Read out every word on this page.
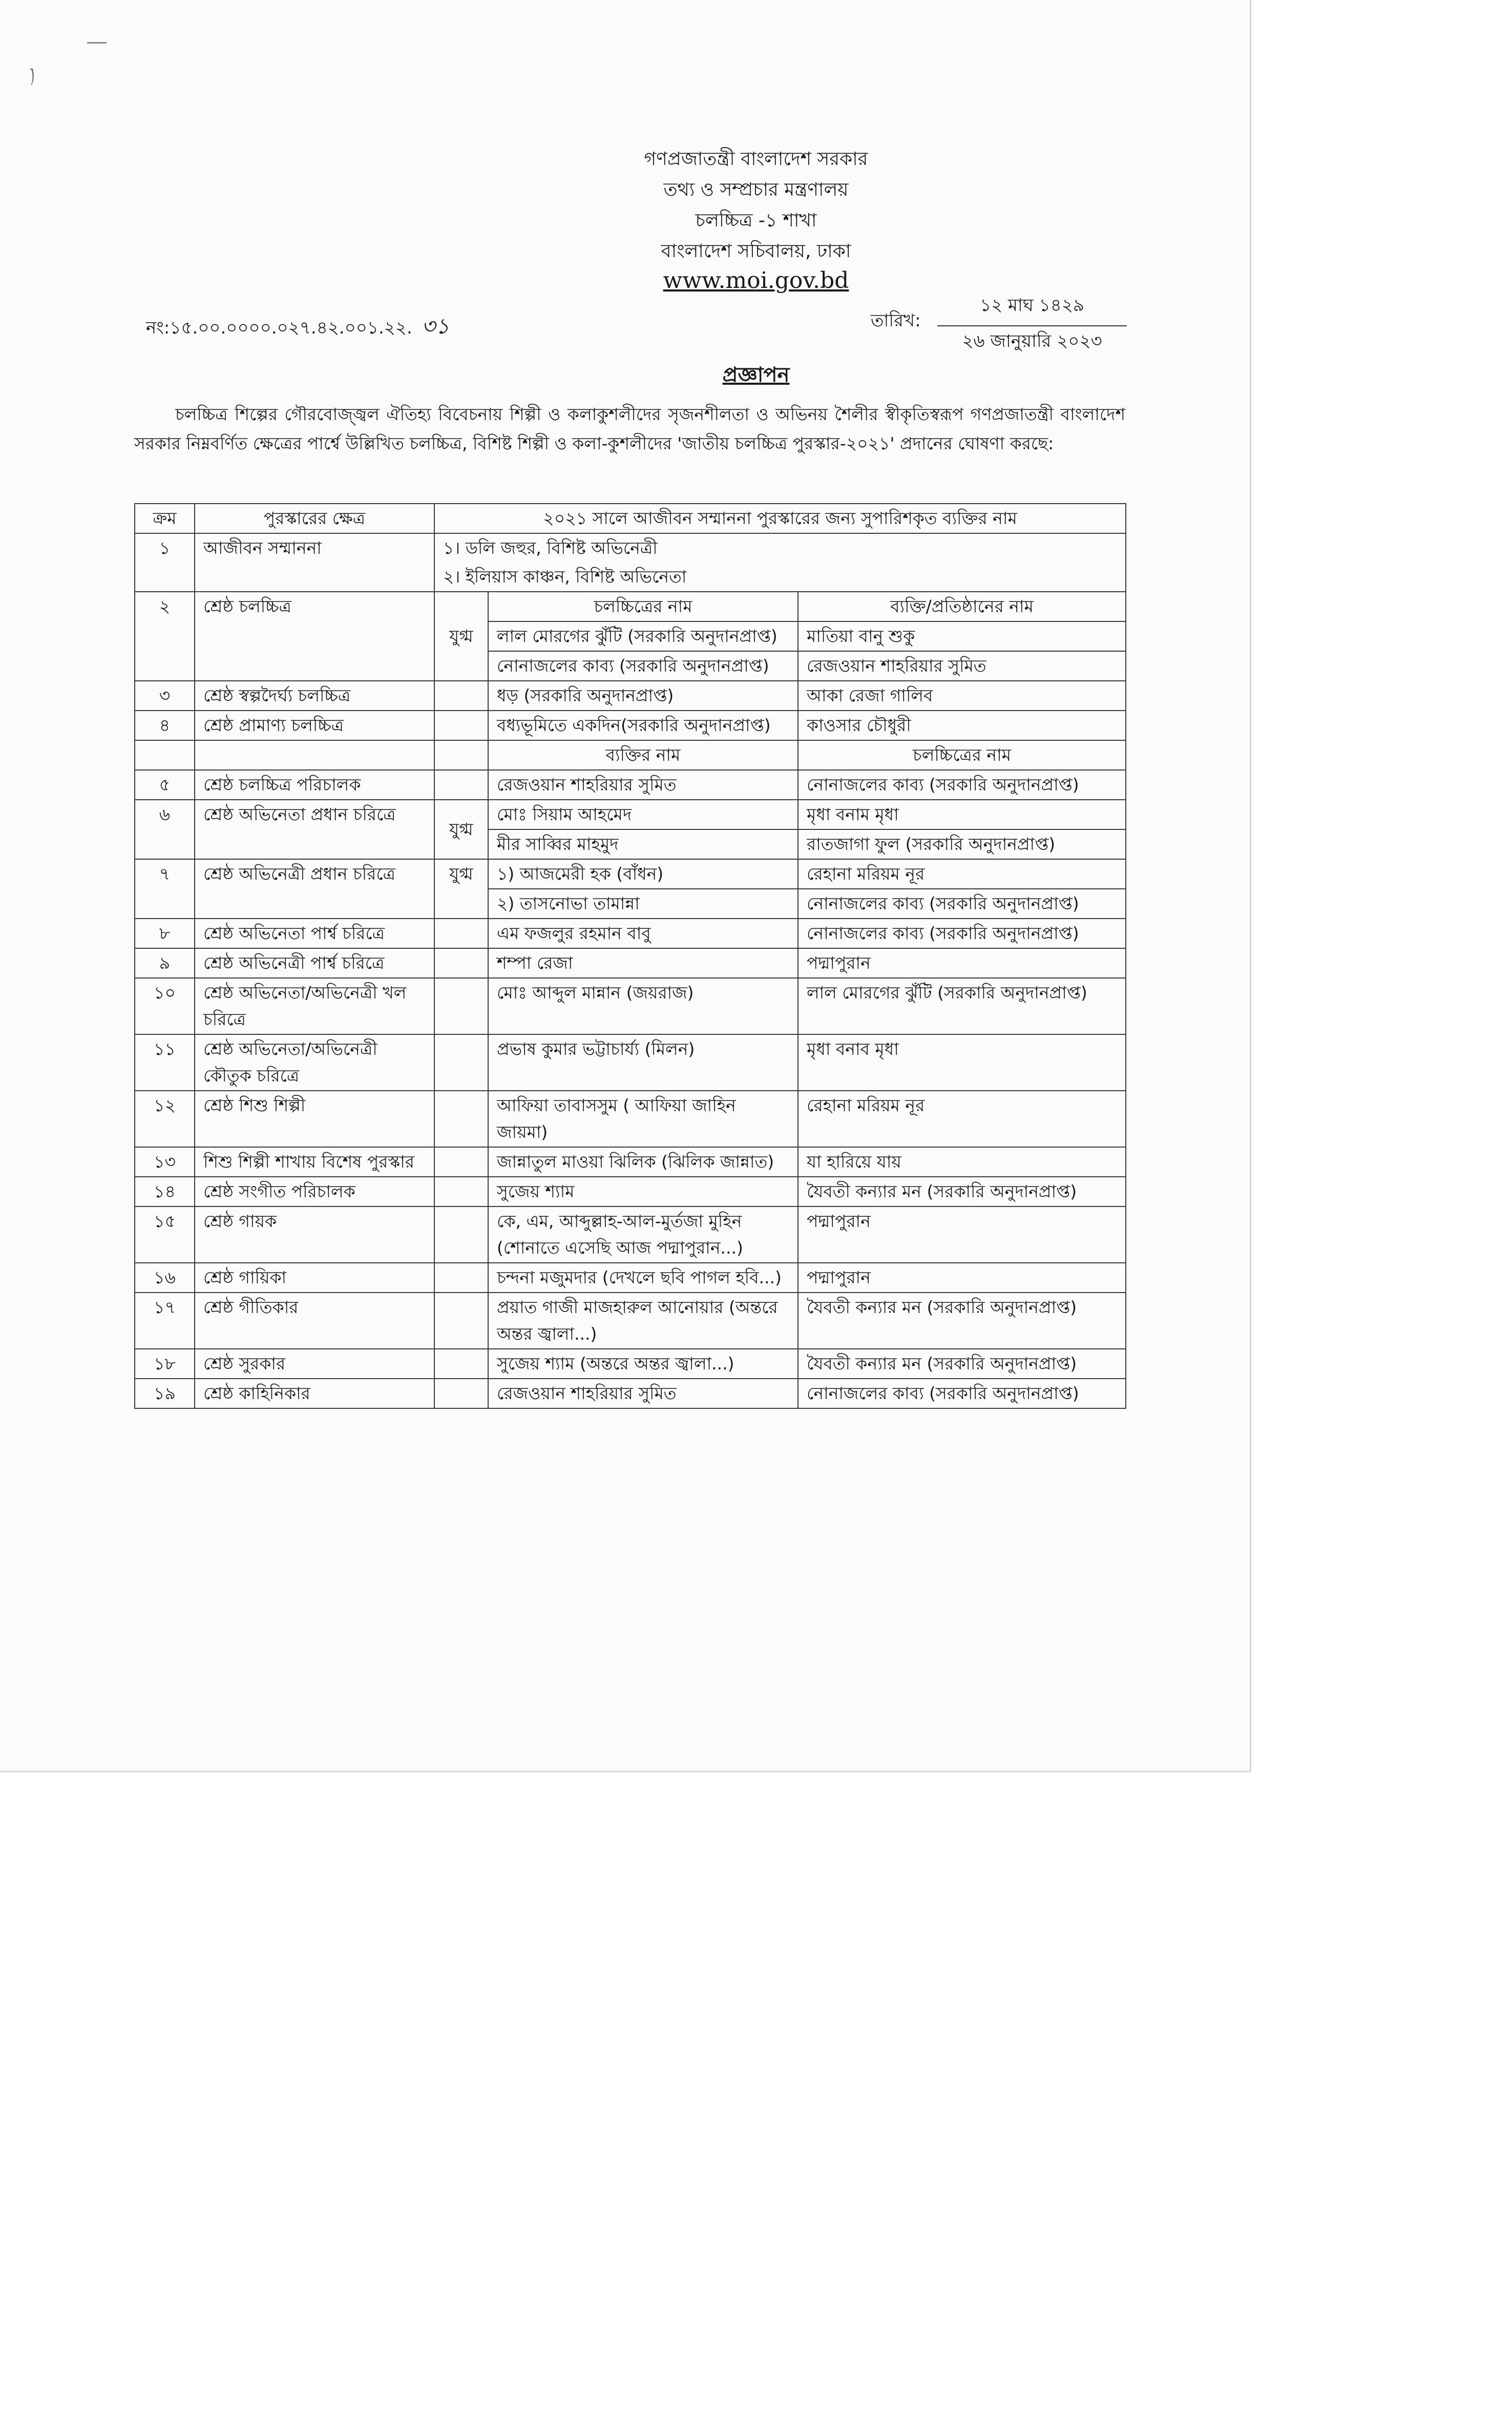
ﾉ
গণপ্রজাতন্ত্রী বাংলাদেশ সরকার
তথ্য ও সম্প্রচার মন্ত্রণালয়
চলচ্চিত্র -১ শাখা
বাংলাদেশ সচিবালয়, ঢাকা
www.moi.gov.bd
নং:১৫.০০.০০০০.০২৭.৪২.০০১.২২. ৩১	তারিখ:
১২ মাঘ ১৪২৯
২৬ জানুয়ারি ২০২৩
প্রজ্ঞাপন
চলচ্চিত্র শিল্পের গৌরবোজ্জ্বল ঐতিহ্য বিবেচনায় শিল্পী ও কলাকুশলীদের সৃজনশীলতা ও অভিনয় শৈলীর স্বীকৃতিস্বরূপ গণপ্রজাতন্ত্রী বাংলাদেশ সরকার নিম্নবর্ণিত ক্ষেত্রের পার্শ্বে উল্লিখিত চলচ্চিত্র, বিশিষ্ট শিল্পী ও কলা-কুশলীদের 'জাতীয় চলচ্চিত্র পুরস্কার-২০২১' প্রদানের ঘোষণা করছে:
ক্রম	পুরস্কারের ক্ষেত্র	২০২১ সালে আজীবন সম্মাননা পুরস্কারের জন্য সুপারিশকৃত ব্যক্তির নাম		
১	আজীবন সম্মাননা	১। ডলি জহুর, বিশিষ্ট অভিনেত্রী		
		২। ইলিয়াস কাঞ্চন, বিশিষ্ট অভিনেতা		
২	শ্রেষ্ঠ চলচ্চিত্র	যুগ্ম	চলচ্চিত্রের নাম	ব্যক্তি/প্রতিষ্ঠানের নাম
			লাল মোরগের ঝুঁটি (সরকারি অনুদানপ্রাপ্ত)	মাতিয়া বানু শুকু
			নোনাজলের কাব্য (সরকারি অনুদানপ্রাপ্ত)	রেজওয়ান শাহরিয়ার সুমিত
৩	শ্রেষ্ঠ স্বল্পদৈর্ঘ্য চলচ্চিত্র		ধড় (সরকারি অনুদানপ্রাপ্ত)	আকা রেজা গালিব
৪	শ্রেষ্ঠ প্রামাণ্য চলচ্চিত্র		বধ্যভূমিতে একদিন(সরকারি অনুদানপ্রাপ্ত)	কাওসার চৌধুরী
			ব্যক্তির নাম	চলচ্চিত্রের নাম
৫	শ্রেষ্ঠ চলচ্চিত্র পরিচালক		রেজওয়ান শাহরিয়ার সুমিত	নোনাজলের কাব্য (সরকারি অনুদানপ্রাপ্ত)
৬	শ্রেষ্ঠ অভিনেতা প্রধান চরিত্রে	যুগ্ম	মোঃ সিয়াম আহমেদ	মৃধা বনাম মৃধা
			মীর সাব্বির মাহমুদ	রাতজাগা ফুল (সরকারি অনুদানপ্রাপ্ত)
৭	শ্রেষ্ঠ অভিনেত্রী প্রধান চরিত্রে	যুগ্ম	১) আজমেরী হক (বাঁধন)	রেহানা মরিয়ম নূর
			২) তাসনোভা তামান্না	নোনাজলের কাব্য (সরকারি অনুদানপ্রাপ্ত)
৮	শ্রেষ্ঠ অভিনেতা পার্শ্ব চরিত্রে		এম ফজলুর রহমান বাবু	নোনাজলের কাব্য (সরকারি অনুদানপ্রাপ্ত)
৯	শ্রেষ্ঠ অভিনেত্রী পার্শ্ব চরিত্রে		শম্পা রেজা	পদ্মাপুরান
১০	শ্রেষ্ঠ অভিনেতা/অভিনেত্রী খল চরিত্রে		মোঃ আব্দুল মান্নান (জয়রাজ)	লাল মোরগের ঝুঁটি (সরকারি অনুদানপ্রাপ্ত)
১১	শ্রেষ্ঠ অভিনেতা/অভিনেত্রী কৌতুক চরিত্রে		প্রভাষ কুমার ভট্টাচার্য্য (মিলন)	মৃধা বনাব মৃধা
১২	শ্রেষ্ঠ শিশু শিল্পী		আফিয়া তাবাসসুম ( আফিয়া জাহিন জায়মা)	রেহানা মরিয়ম নূর
১৩	শিশু শিল্পী শাখায় বিশেষ পুরস্কার		জান্নাতুল মাওয়া ঝিলিক (ঝিলিক জান্নাত)	যা হারিয়ে যায়
১৪	শ্রেষ্ঠ সংগীত পরিচালক		সুজেয় শ্যাম	যৈবতী কন্যার মন (সরকারি অনুদানপ্রাপ্ত)
১৫	শ্রেষ্ঠ গায়ক		কে, এম, আব্দুল্লাহ-আল-মুর্তজা মুহিন (শোনাতে এসেছি আজ পদ্মাপুরান...)	পদ্মাপুরান
১৬	শ্রেষ্ঠ গায়িকা		চন্দনা মজুমদার (দেখলে ছবি পাগল হবি...)	পদ্মাপুরান
১৭	শ্রেষ্ঠ গীতিকার		প্রয়াত গাজী মাজহারুল আনোয়ার (অন্তরে অন্তর জ্বালা...)	যৈবতী কন্যার মন (সরকারি অনুদানপ্রাপ্ত)
১৮	শ্রেষ্ঠ সুরকার		সুজেয় শ্যাম (অন্তরে অন্তর জ্বালা...)	যৈবতী কন্যার মন (সরকারি অনুদানপ্রাপ্ত)
১৯	শ্রেষ্ঠ কাহিনিকার		রেজওয়ান শাহরিয়ার সুমিত	নোনাজলের কাব্য (সরকারি অনুদানপ্রাপ্ত)
